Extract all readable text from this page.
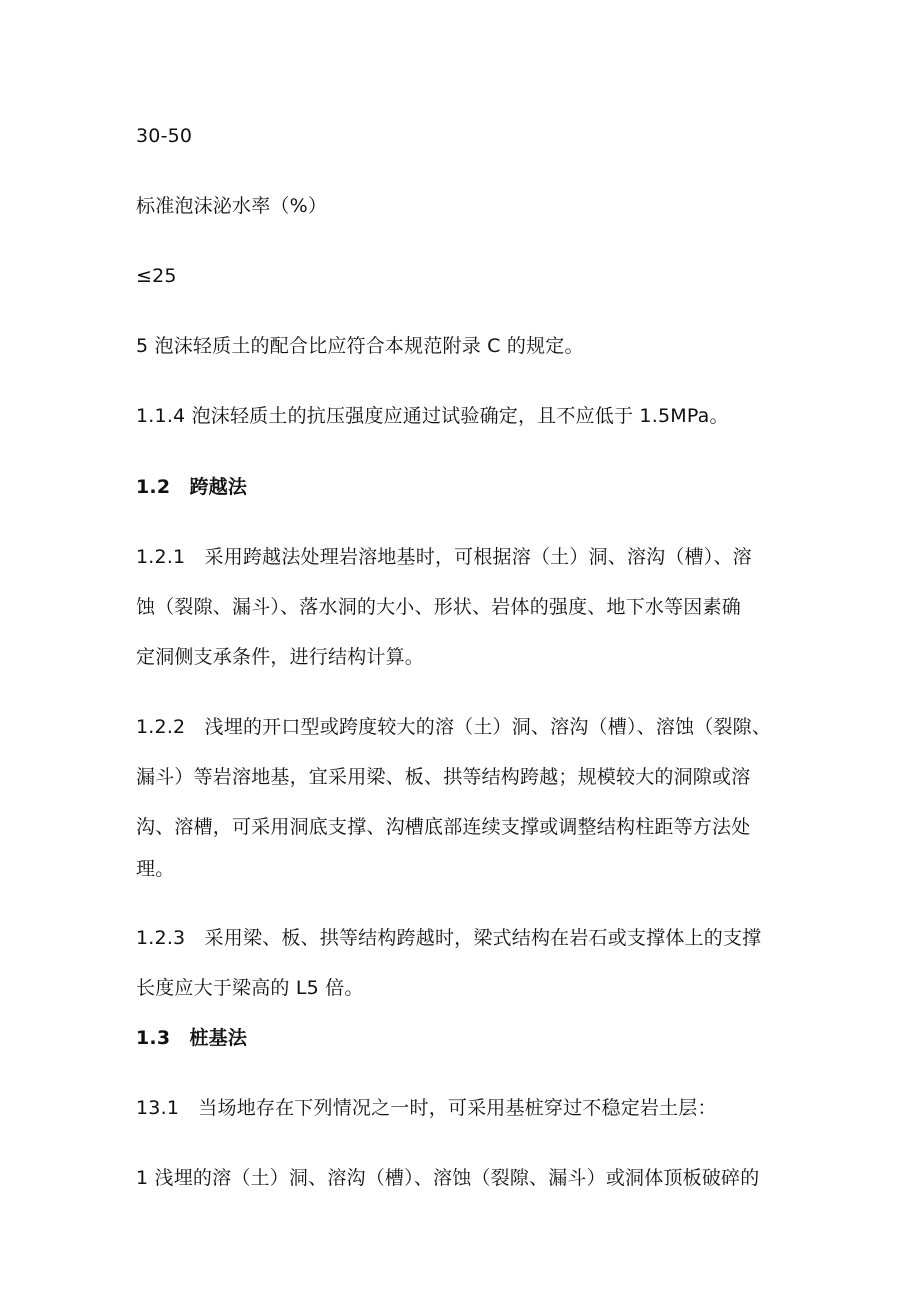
30-50
标准泡沫泌水率（%）
≤25
5 泡沫轻质土的配合比应符合本规范附录 C 的规定。
1.1.4 泡沫轻质土的抗压强度应通过试验确定，且不应低于 1.5MPa。
1.2　跨越法
1.2.1　采用跨越法处理岩溶地基时，可根据溶（土）洞、溶沟（槽）、溶
蚀（裂隙、漏斗）、落水洞的大小、形状、岩体的强度、地下水等因素确
定洞侧支承条件，进行结构计算。
1.2.2　浅埋的开口型或跨度较大的溶（土）洞、溶沟（槽）、溶蚀（裂隙、
漏斗）等岩溶地基，宜采用梁、板、拱等结构跨越；规模较大的洞隙或溶
沟、溶槽，可采用洞底支撑、沟槽底部连续支撑或调整结构柱距等方法处
理。
1.2.3　采用梁、板、拱等结构跨越时，梁式结构在岩石或支撑体上的支撑
长度应大于梁高的 L5 倍。
1.3　桩基法
13.1　当场地存在下列情况之一时，可采用基桩穿过不稳定岩土层：
1 浅埋的溶（土）洞、溶沟（槽）、溶蚀（裂隙、漏斗）或洞体顶板破碎的
